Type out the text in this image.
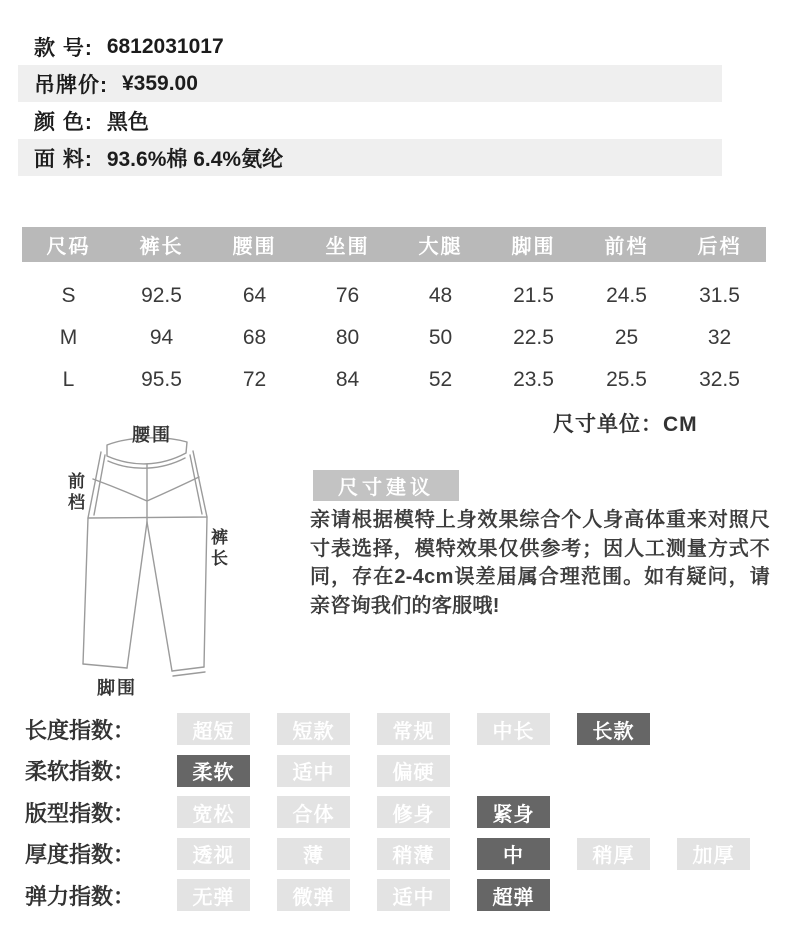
款 号: 6812031017
吊牌价: ¥359.00
颜 色: 黑色
面 料: 93.6%棉 6.4%氨纶
尺码	裤长	腰围	坐围	大腿	脚围	前档	后档
S	92.5	64	76	48	21.5	24.5	31.5
M	94	68	80	50	22.5	25	32
L	95.5	72	84	52	23.5	25.5	32.5
尺寸单位：CM
腰围
前档
裤长
脚围
尺寸建议
亲请根据模特上身效果综合个人身高体重来对照尺寸表选择，模特效果仅供参考；因人工测量方式不同，存在2-4cm误差届属合理范围。如有疑问，请亲咨询我们的客服哦!
长度指数：	超短	短款	常规	中长	长款
柔软指数：	柔软	适中	偏硬
版型指数：	宽松	合体	修身	紧身
厚度指数：	透视	薄	稍薄	中	稍厚	加厚
弹力指数：	无弹	微弹	适中	超弹
